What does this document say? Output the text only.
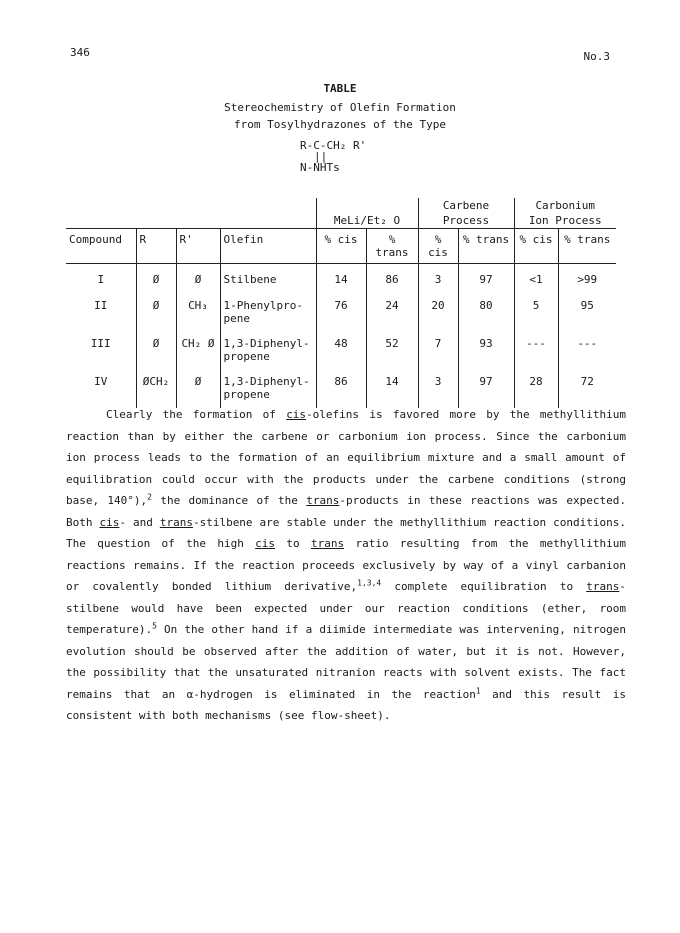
346	No.3
TABLE
Stereochemistry of Olefin Formation
from Tosylhydrazones of the Type
R-C-CH₂ R'
||
N-NHTs
				MeLi/Et₂ O		Carbene		Carbonium	
						Process		Ion Process	
Compound	R	R'	Olefin	% cis	% trans	% cis	% trans	% cis	% trans

I	Ø	Ø	Stilbene	14	86	3	97	<1	>99
II	Ø	CH₃	1-Phenylpro-
pene	76	24	20	80	5	95
III	Ø	CH₂ Ø	1,3-Diphenyl-
propene	48	52	7	93	---	---
IV	ØCH₂	Ø	1,3-Diphenyl-
propene	86	14	3	97	28	72
Clearly the formation of cis-olefins is favored more by the methyllithium reaction than by either the carbene or carbonium ion process. Since the carbonium ion process leads to the formation of an equilibrium mixture and a small amount of equilibration could occur with the products under the carbene conditions (strong base, 140°),$^2$ the dominance of the trans-products in these reactions was expected. Both cis- and trans-stilbene are stable under the methyllithium reaction conditions. The question of the high cis to trans ratio resulting from the methyllithium reactions remains. If the reaction proceeds exclusively by way of a vinyl carbanion or covalently bonded lithium derivative,$^{1,3,4}$ complete equilibration to trans-stilbene would have been expected under our reaction conditions (ether, room temperature).$^5$ On the other hand if a diimide intermediate was intervening, nitrogen evolution should be observed after the addition of water, but it is not. However, the possibility that the unsaturated nitranion reacts with solvent exists. The fact remains that an α-hydrogen is eliminated in the reaction$^1$ and this result is consistent with both mechanisms (see flow-sheet).
